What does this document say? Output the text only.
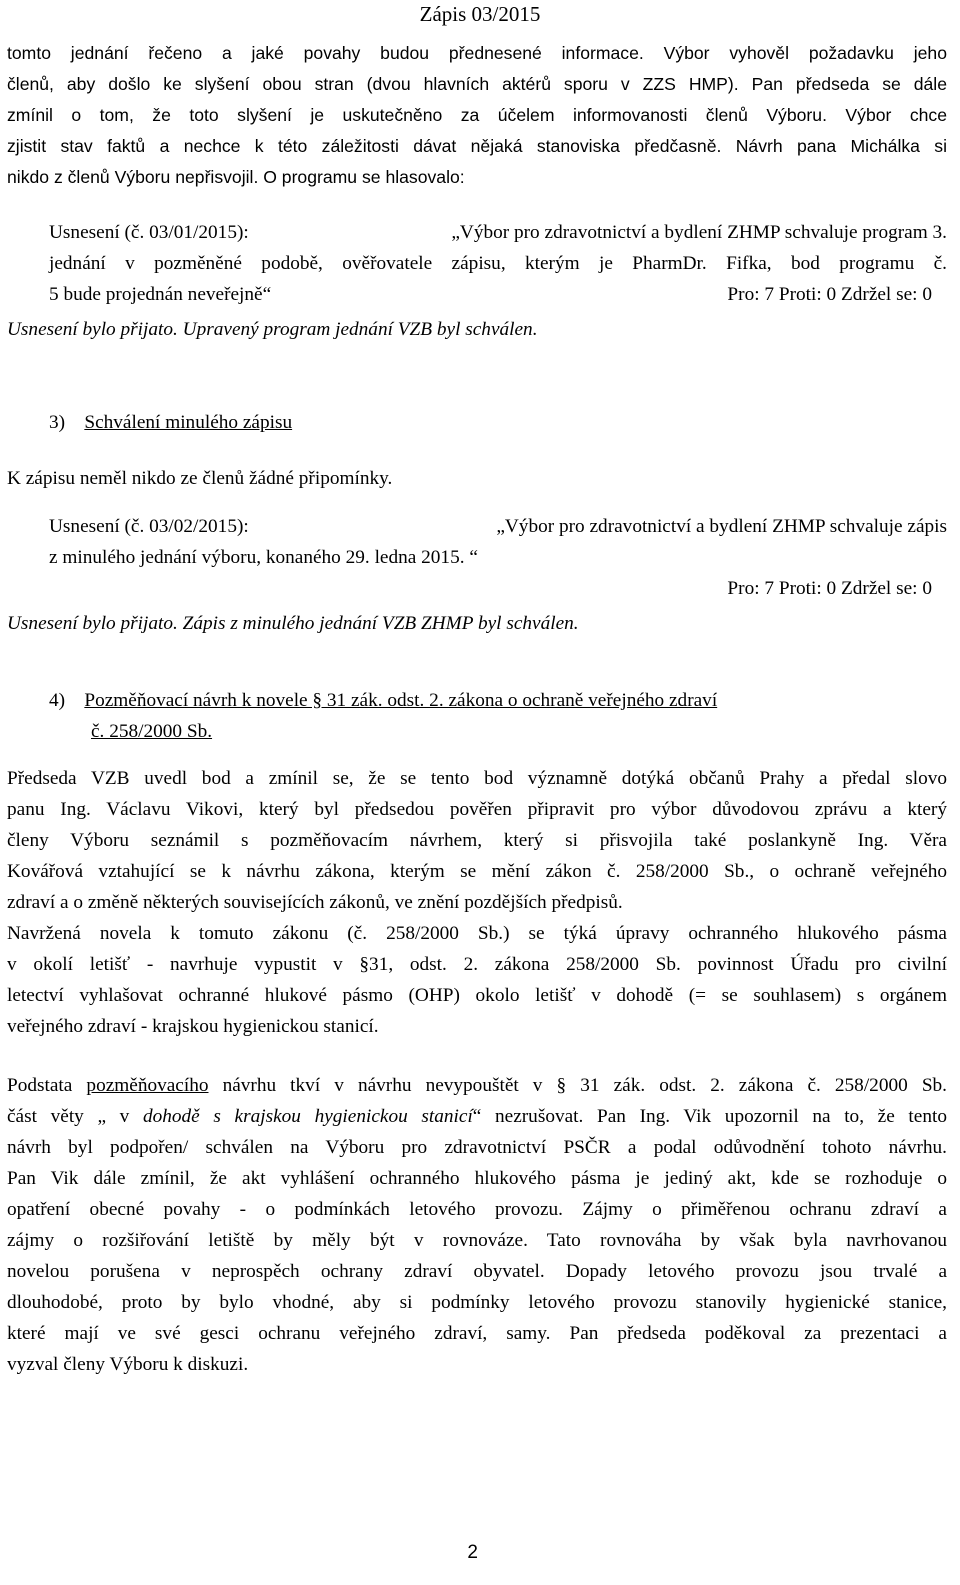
Zápis 03/2015
tomto jednání řečeno a jaké povahy budou přednesené informace. Výbor vyhověl požadavku jeho
členů, aby došlo ke slyšení obou stran (dvou hlavních aktérů sporu v ZZS HMP). Pan předseda se dále
zmínil o tom, že toto slyšení je uskutečněno za účelem informovanosti členů Výboru. Výbor chce
zjistit stav faktů a nechce k této záležitosti dávat nějaká stanoviska předčasně. Návrh pana Michálka si
nikdo z členů Výboru nepřisvojil. O programu se hlasovalo:
Usnesení (č. 03/01/2015):	„Výbor pro zdravotnictví a bydlení ZHMP schvaluje program 3.
jednání v pozměněné podobě, ověřovatele zápisu, kterým je PharmDr. Fifka, bod programu č.
5 bude projednán neveřejně“	Pro: 7 Proti: 0 Zdržel se: 0
Usnesení bylo přijato. Upravený program jednání VZB byl schválen.
3) Schválení minulého zápisu
K zápisu neměl nikdo ze členů žádné připomínky.
Usnesení (č. 03/02/2015):	„Výbor pro zdravotnictví a bydlení ZHMP schvaluje zápis
z minulého jednání výboru, konaného 29. ledna 2015. “
Pro: 7 Proti: 0 Zdržel se: 0
Usnesení bylo přijato. Zápis z minulého jednání VZB ZHMP byl schválen.
4) Pozměňovací návrh k novele § 31 zák. odst. 2. zákona o ochraně veřejného zdraví
č. 258/2000 Sb.
Předseda VZB uvedl bod a zmínil se, že se tento bod významně dotýká občanů Prahy a předal slovo
panu Ing. Václavu Vikovi, který byl předsedou pověřen připravit pro výbor důvodovou zprávu a který
členy Výboru seznámil s pozměňovacím návrhem, který si přisvojila také poslankyně Ing. Věra
Kovářová vztahující se k návrhu zákona, kterým se mění zákon č. 258/2000 Sb., o ochraně veřejného
zdraví a o změně některých souvisejících zákonů, ve znění pozdějších předpisů.
Navržená novela k tomuto zákonu (č. 258/2000 Sb.) se týká úpravy ochranného hlukového pásma
v okolí letišť - navrhuje vypustit v §31, odst. 2. zákona 258/2000 Sb. povinnost Úřadu pro civilní
letectví vyhlašovat ochranné hlukové pásmo (OHP) okolo letišť v dohodě (= se souhlasem) s orgánem
veřejného zdraví - krajskou hygienickou stanicí.
Podstata pozměňovacího návrhu tkví v návrhu nevypouštět v § 31 zák. odst. 2. zákona č. 258/2000 Sb.
část věty „ v dohodě s krajskou hygienickou stanicí“ nezrušovat. Pan Ing. Vik upozornil na to, že tento
návrh byl podpořen/ schválen na Výboru pro zdravotnictví PSČR a podal odůvodnění tohoto návrhu.
Pan Vik dále zmínil, že akt vyhlášení ochranného hlukového pásma je jediný akt, kde se rozhoduje o
opatření obecné povahy - o podmínkách letového provozu. Zájmy o přiměřenou ochranu zdraví a
zájmy o rozšiřování letiště by měly být v rovnováze. Tato rovnováha by však byla navrhovanou
novelou porušena v neprospěch ochrany zdraví obyvatel. Dopady letového provozu jsou trvalé a
dlouhodobé, proto by bylo vhodné, aby si podmínky letového provozu stanovily hygienické stanice,
které mají ve své gesci ochranu veřejného zdraví, samy. Pan předseda poděkoval za prezentaci a
vyzval členy Výboru k diskuzi.
2
